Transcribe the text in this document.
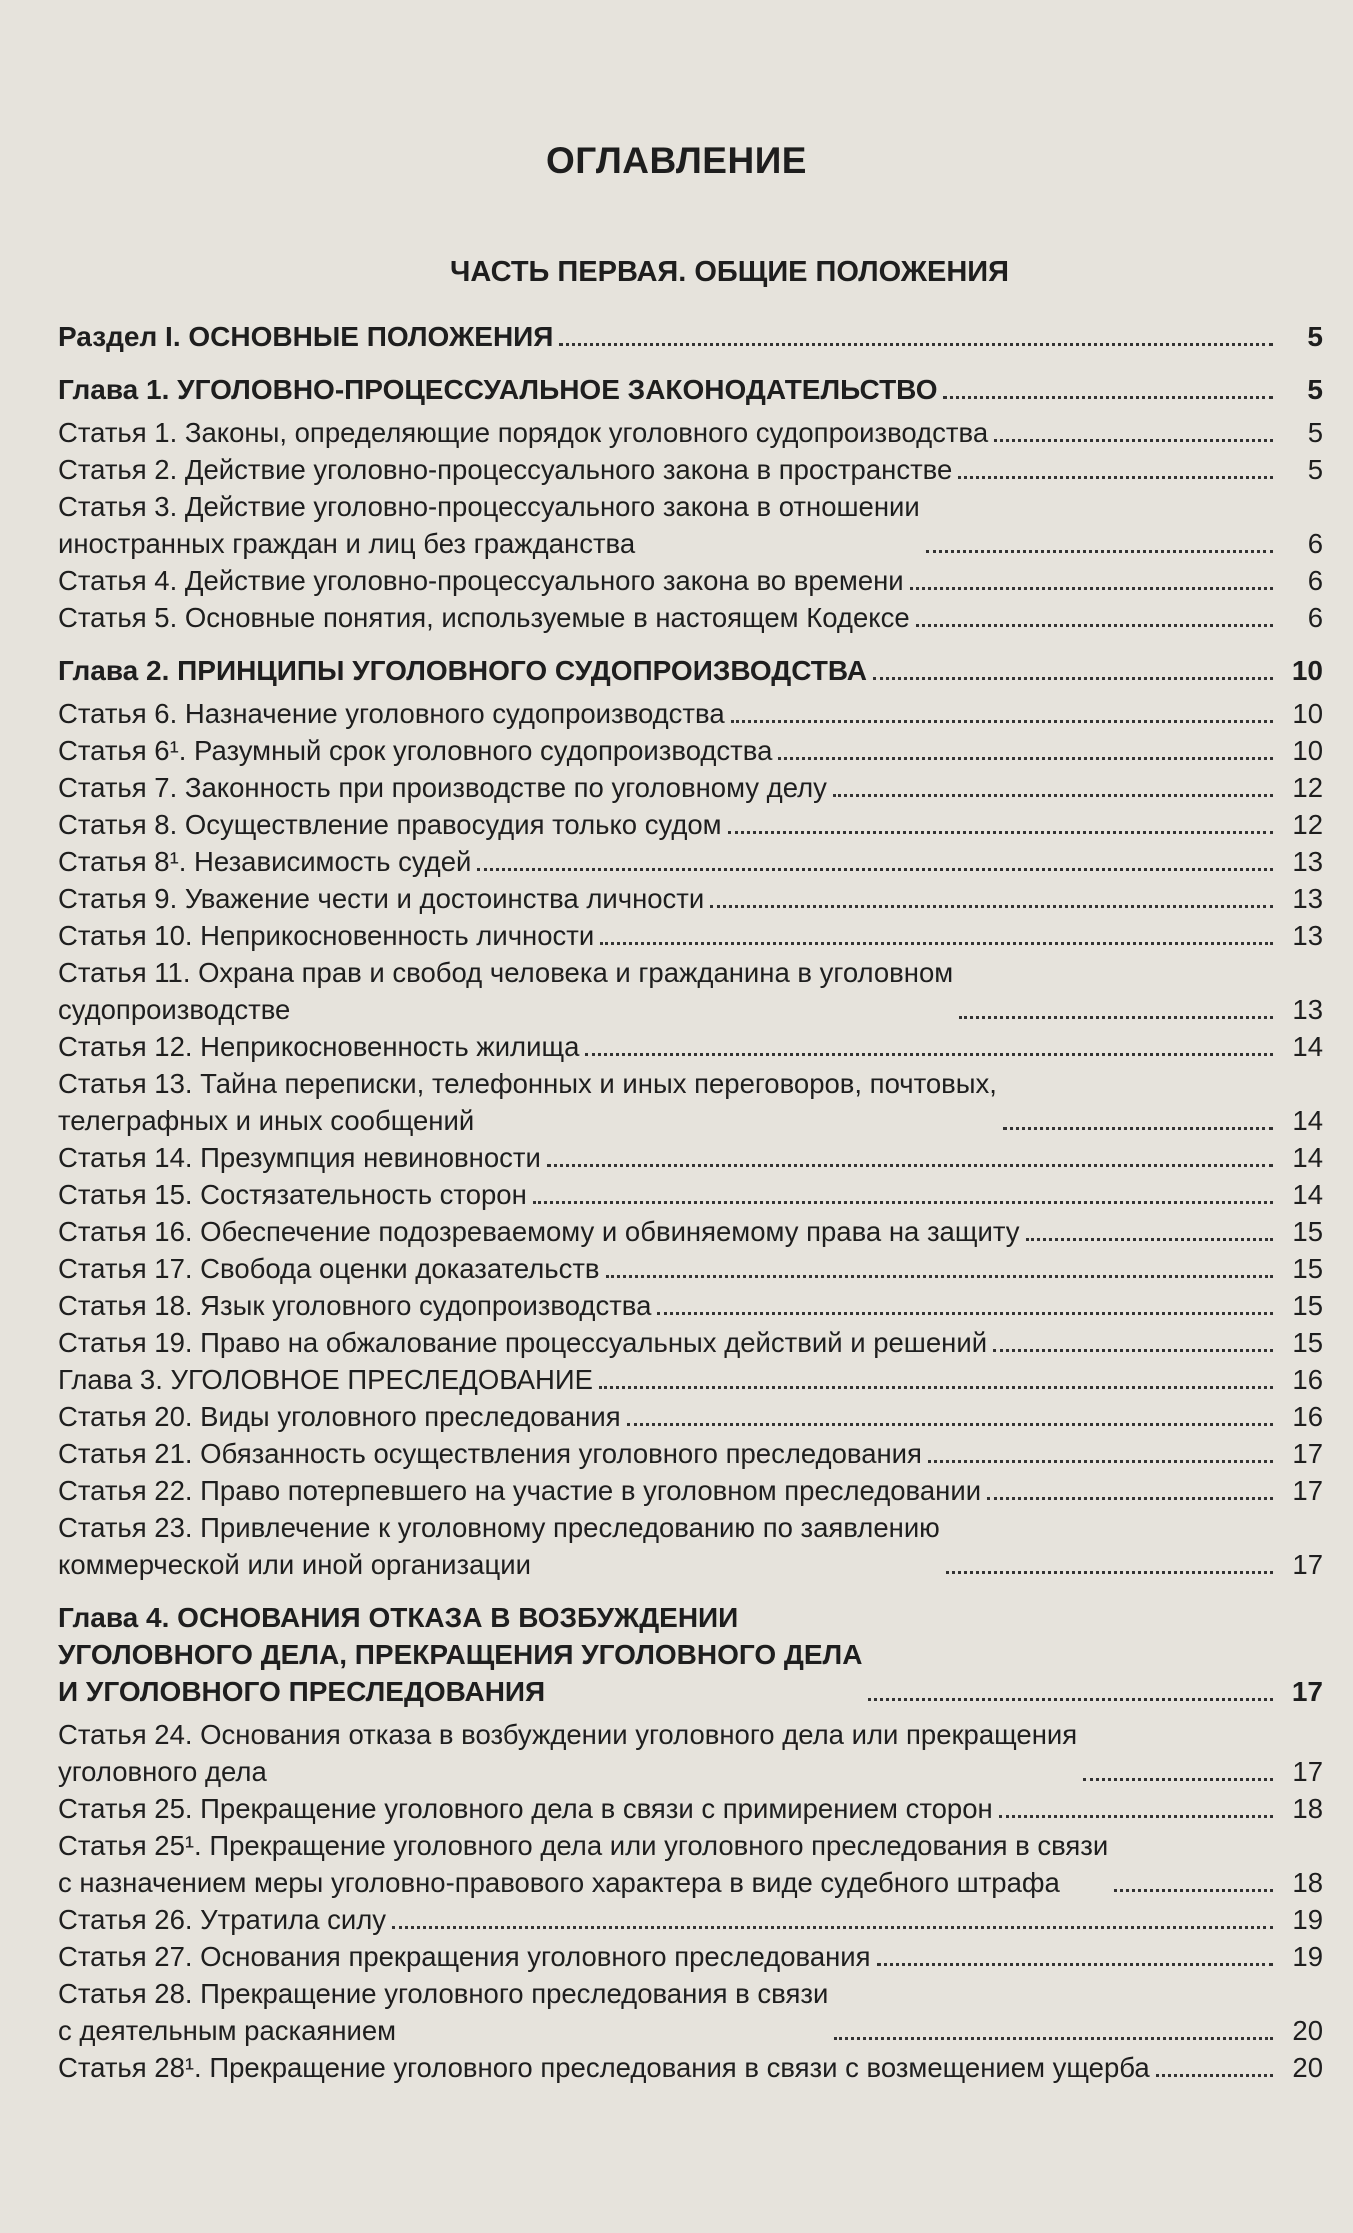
ОГЛАВЛЕНИЕ
ЧАСТЬ ПЕРВАЯ. ОБЩИЕ ПОЛОЖЕНИЯ
Раздел I. ОСНОВНЫЕ ПОЛОЖЕНИЯ	5
Глава 1. УГОЛОВНО-ПРОЦЕССУАЛЬНОЕ ЗАКОНОДАТЕЛЬСТВО	5
Статья 1. Законы, определяющие порядок уголовного судопроизводства	5
Статья 2. Действие уголовно-процессуального закона в пространстве	5
Статья 3. Действие уголовно-процессуального закона в отношении
иностранных граждан и лиц без гражданства	6
Статья 4. Действие уголовно-процессуального закона во времени	6
Статья 5. Основные понятия, используемые в настоящем Кодексе	6
Глава 2. ПРИНЦИПЫ УГОЛОВНОГО СУДОПРОИЗВОДСТВА	10
Статья 6. Назначение уголовного судопроизводства	10
Статья 6¹. Разумный срок уголовного судопроизводства	10
Статья 7. Законность при производстве по уголовному делу	12
Статья 8. Осуществление правосудия только судом	12
Статья 8¹. Независимость судей	13
Статья 9. Уважение чести и достоинства личности	13
Статья 10. Неприкосновенность личности	13
Статья 11. Охрана прав и свобод человека и гражданина в уголовном
судопроизводстве	13
Статья 12. Неприкосновенность жилища	14
Статья 13. Тайна переписки, телефонных и иных переговоров, почтовых,
телеграфных и иных сообщений	14
Статья 14. Презумпция невиновности	14
Статья 15. Состязательность сторон	14
Статья 16. Обеспечение подозреваемому и обвиняемому права на защиту	15
Статья 17. Свобода оценки доказательств	15
Статья 18. Язык уголовного судопроизводства	15
Статья 19. Право на обжалование процессуальных действий и решений	15
Глава 3. УГОЛОВНОЕ ПРЕСЛЕДОВАНИЕ	16
Статья 20. Виды уголовного преследования	16
Статья 21. Обязанность осуществления уголовного преследования	17
Статья 22. Право потерпевшего на участие в уголовном преследовании	17
Статья 23. Привлечение к уголовному преследованию по заявлению
коммерческой или иной организации	17
Глава 4. ОСНОВАНИЯ ОТКАЗА В ВОЗБУЖДЕНИИ
УГОЛОВНОГО ДЕЛА, ПРЕКРАЩЕНИЯ УГОЛОВНОГО ДЕЛА
И УГОЛОВНОГО ПРЕСЛЕДОВАНИЯ	17
Статья 24. Основания отказа в возбуждении уголовного дела или прекращения
уголовного дела	17
Статья 25. Прекращение уголовного дела в связи с примирением сторон	18
Статья 25¹. Прекращение уголовного дела или уголовного преследования в связи
с назначением меры уголовно-правового характера в виде судебного штрафа	18
Статья 26. Утратила силу	19
Статья 27. Основания прекращения уголовного преследования	19
Статья 28. Прекращение уголовного преследования в связи
с деятельным раскаянием	20
Статья 28¹. Прекращение уголовного преследования в связи с возмещением ущерба	20
